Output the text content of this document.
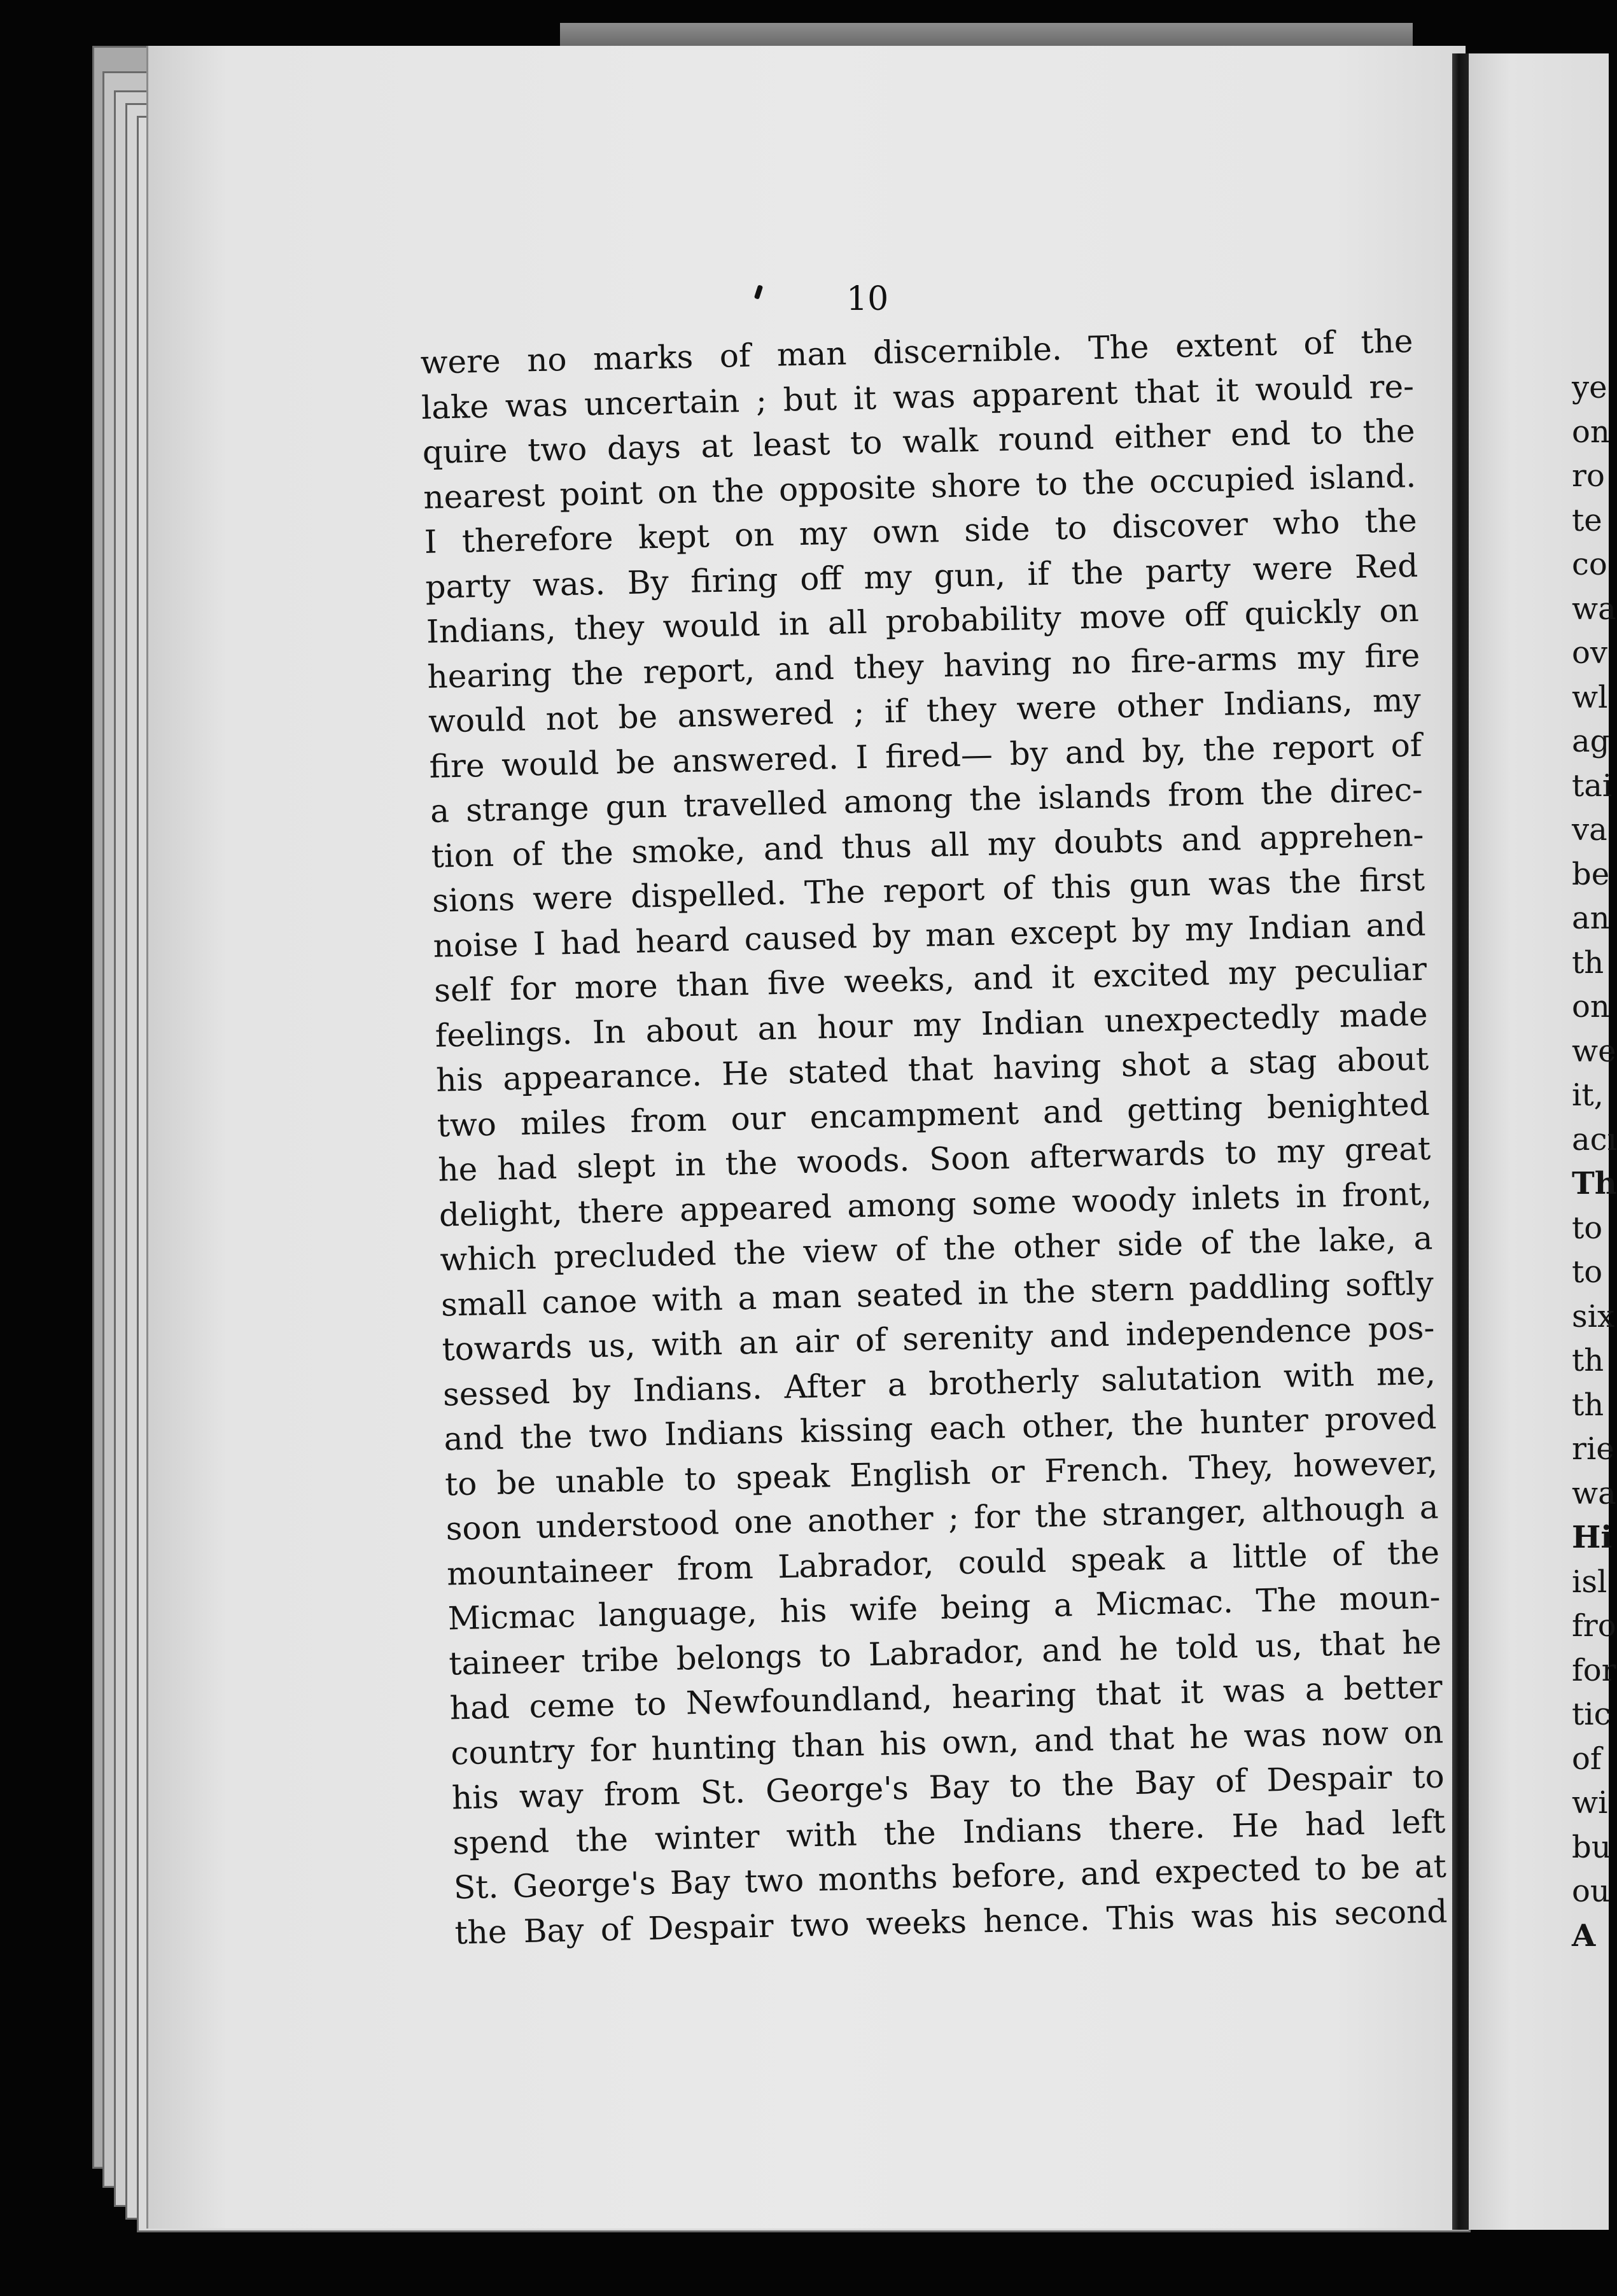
10
were no marks of man discernible. The extent of the
lake was uncertain ; but it was apparent that it would re-
quire two days at least to walk round either end to the
nearest point on the opposite shore to the occupied island.
I therefore kept on my own side to discover who the
party was. By firing off my gun, if the party were Red
Indians, they would in all probability move off quickly on
hearing the report, and they having no fire-arms my fire
would not be answered ; if they were other Indians, my
fire would be answered. I fired— by and by, the report of
a strange gun travelled among the islands from the direc-
tion of the smoke, and thus all my doubts and apprehen-
sions were dispelled. The report of this gun was the first
noise I had heard caused by man except by my Indian and
self for more than five weeks, and it excited my peculiar
feelings. In about an hour my Indian unexpectedly made
his appearance. He stated that having shot a stag about
two miles from our encampment and getting benighted
he had slept in the woods. Soon afterwards to my great
delight, there appeared among some woody inlets in front,
which precluded the view of the other side of the lake, a
small canoe with a man seated in the stern paddling softly
towards us, with an air of serenity and independence pos-
sessed by Indians. After a brotherly salutation with me,
and the two Indians kissing each other, the hunter proved
to be unable to speak English or French. They, however,
soon understood one another ; for the stranger, although a
mountaineer from Labrador, could speak a little of the
Micmac language, his wife being a Micmac. The moun-
taineer tribe belongs to Labrador, and he told us, that he
had ceme to Newfoundland, hearing that it was a better
country for hunting than his own, and that he was now on
his way from St. George's Bay to the Bay of Despair to
spend the winter with the Indians there. He had left
St. George's Bay two months before, and expected to be at
the Bay of Despair two weeks hence. This was his second
ye
on
ro
te
co
wa
ov
wl
ag
tai
va
be
an
th
on
we
it,
acı
Th
to
to
six
th
th
rie
wa
Hi
isl
fro
for
tic
of
wi
bu
ou
A
